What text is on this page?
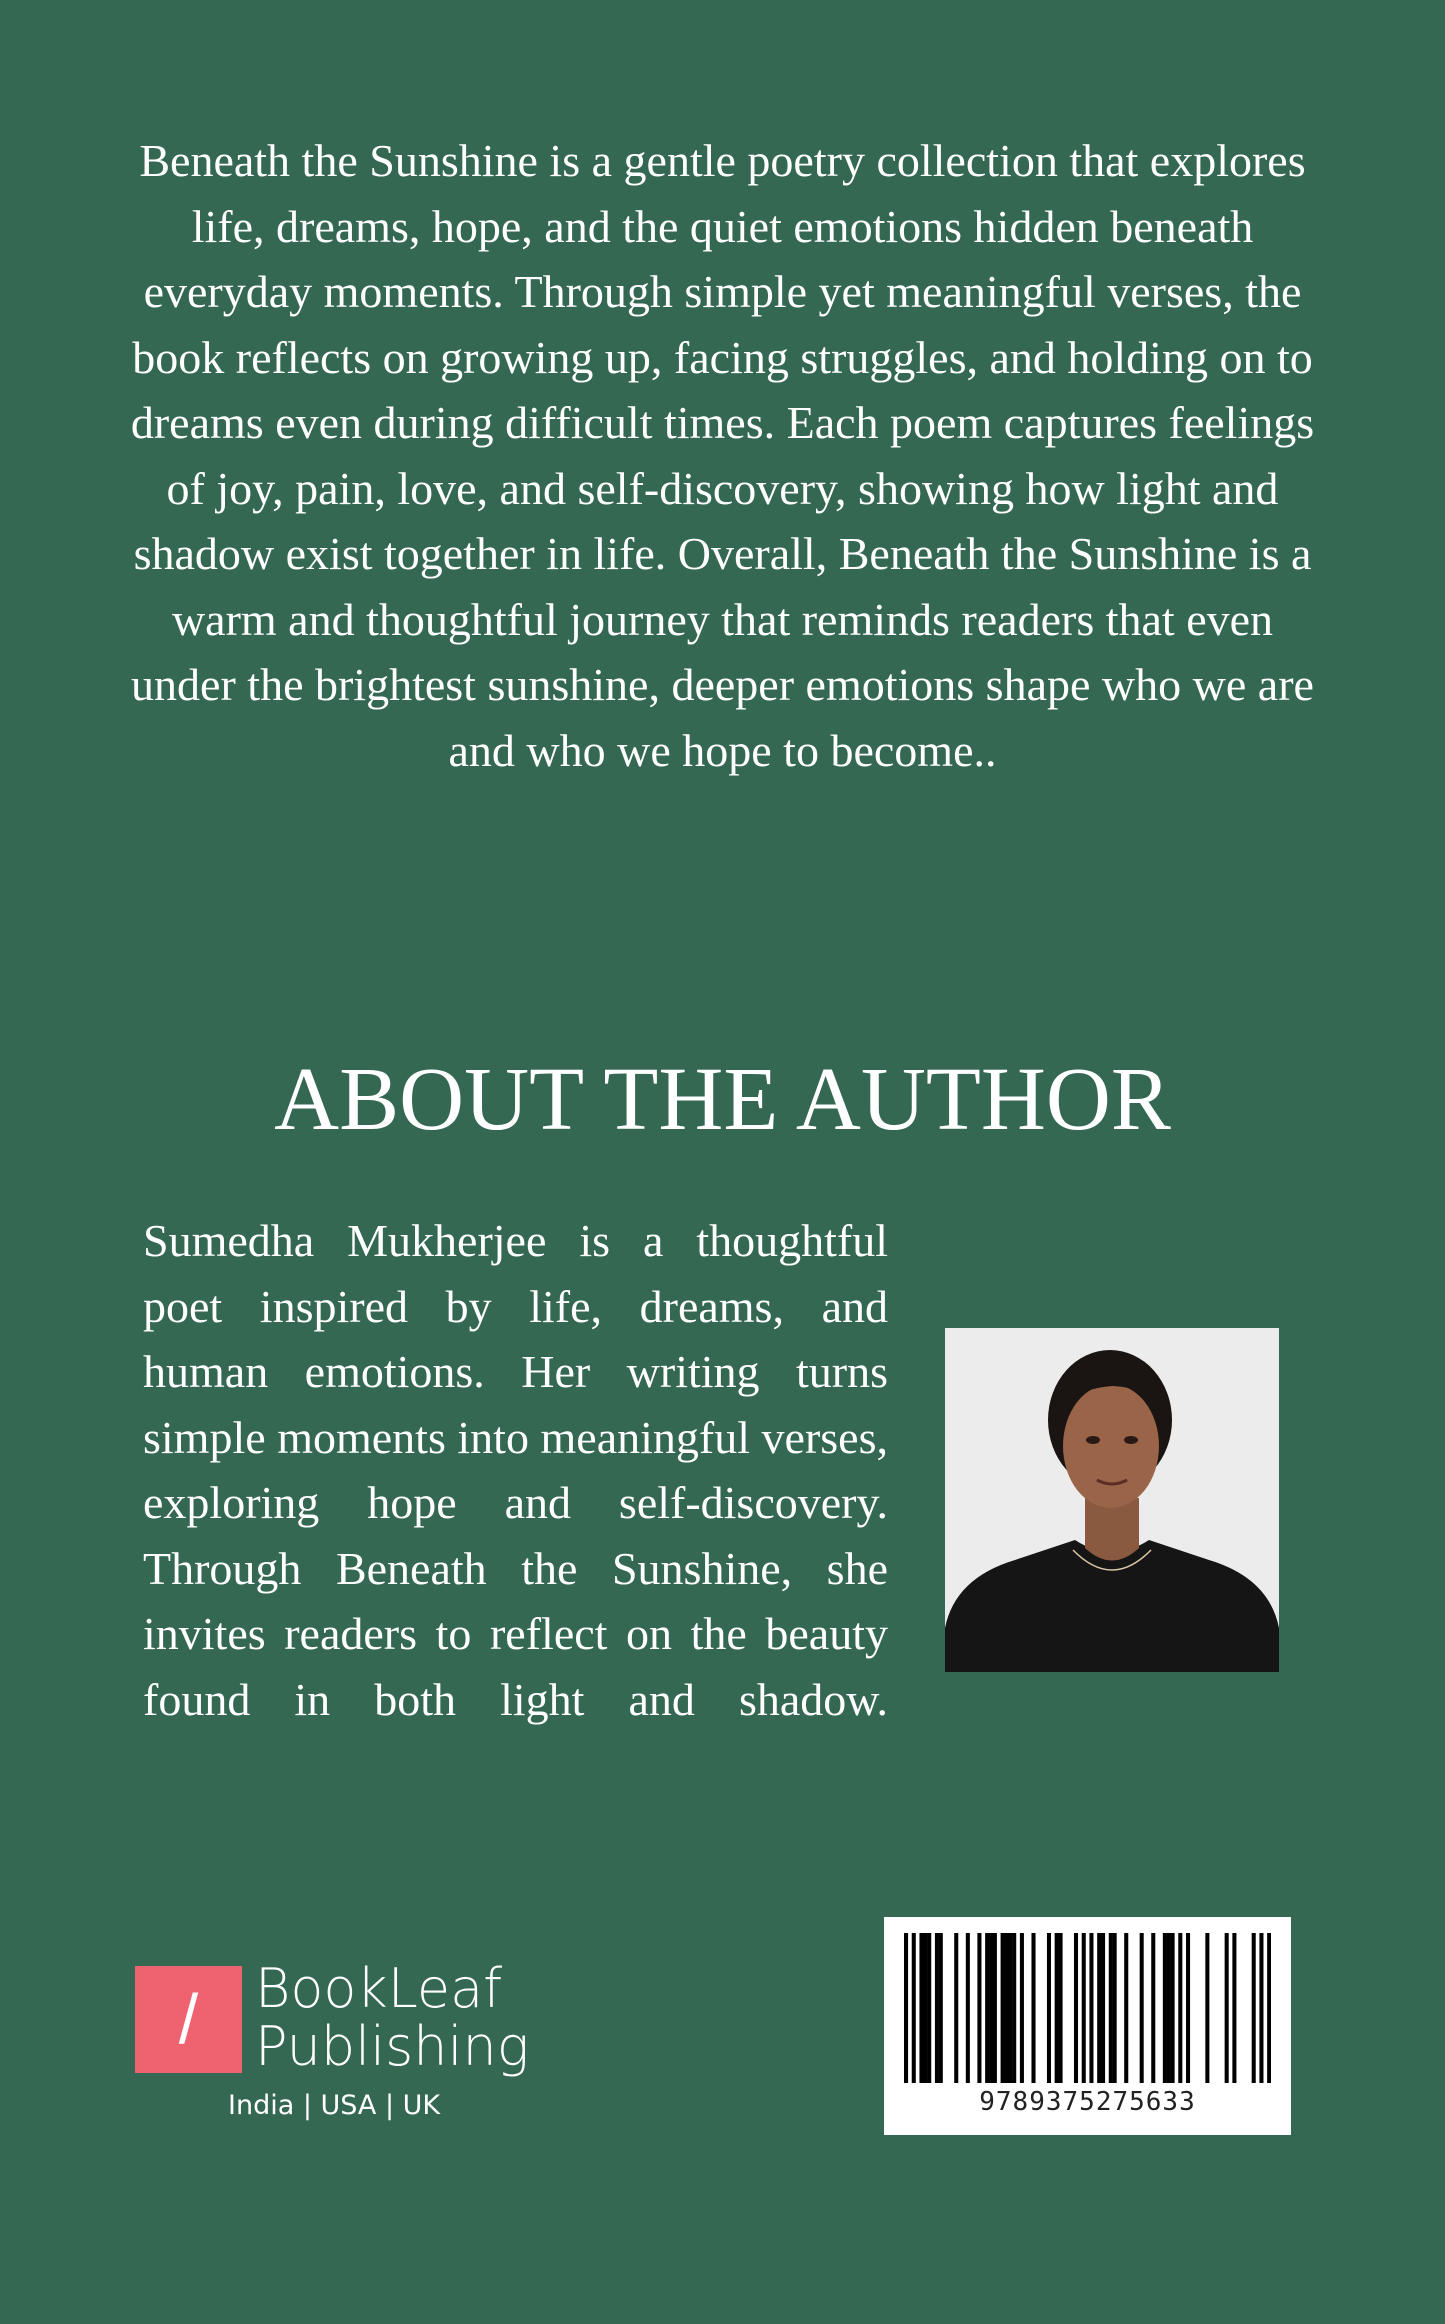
Beneath the Sunshine is a gentle poetry collection that explores life, dreams, hope, and the quiet emotions hidden beneath everyday moments. Through simple yet meaningful verses, the book reflects on growing up, facing struggles, and holding on to dreams even during difficult times. Each poem captures feelings of joy, pain, love, and self-discovery, showing how light and shadow exist together in life. Overall, Beneath the Sunshine is a warm and thoughtful journey that reminds readers that even under the brightest sunshine, deeper emotions shape who we are and who we hope to become..

ABOUT THE AUTHOR

Sumedha Mukherjee is a thoughtful poet inspired by life, dreams, and human emotions. Her writing turns simple moments into meaningful verses, exploring hope and self-discovery. Through Beneath the Sunshine, she invites readers to reflect on the beauty found in both light and shadow.

/	BookLeaf
Publishing
India | USA | UK	9789375275633
